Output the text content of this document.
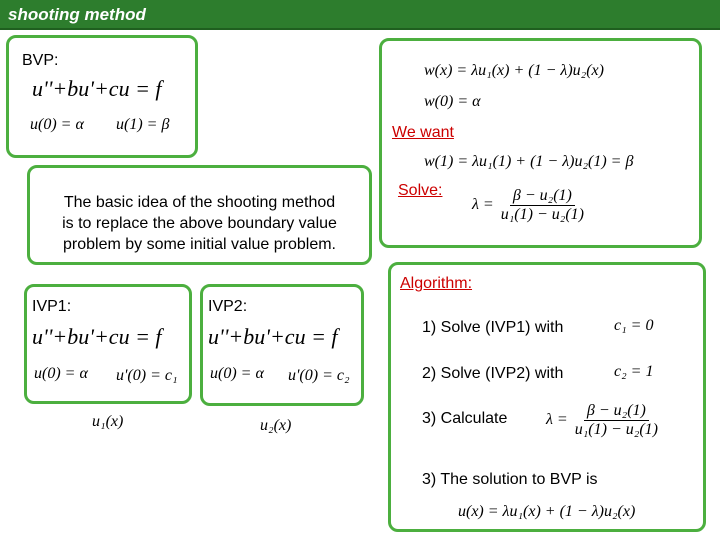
shooting method
BVP:
u''+bu'+cu = f
u(0) = α u(1) = β
w(x) = λu₁(x) + (1 − λ)u₂(x)
w(0) = α
We want
w(1) = λu₁(1) + (1 − λ)u₂(1) = β
Solve:
$\lambda = \frac{\text{β − u₂(1)}}{\text{u₁(1) − u₂(1)}}$
The basic idea of the shooting method
is to replace the above boundary value
problem by some initial value problem.
IVP1:
u''+bu'+cu = f
u(0) = α u'(0) = c₁
u₁(x)
IVP2:
u''+bu'+cu = f
u(0) = α u'(0) = c₂
u₂(x)
Algorithm:
1) Solve (IVP1) with	c₁ = 0
2) Solve (IVP2) with	c₂ = 1
3) Calculate $\lambda = \frac{\text{β − u₂(1)}}{\text{u₁(1) − u₂(1)}}$
3) The solution to BVP is
u(x) = λu₁(x) + (1 − λ)u₂(x)
